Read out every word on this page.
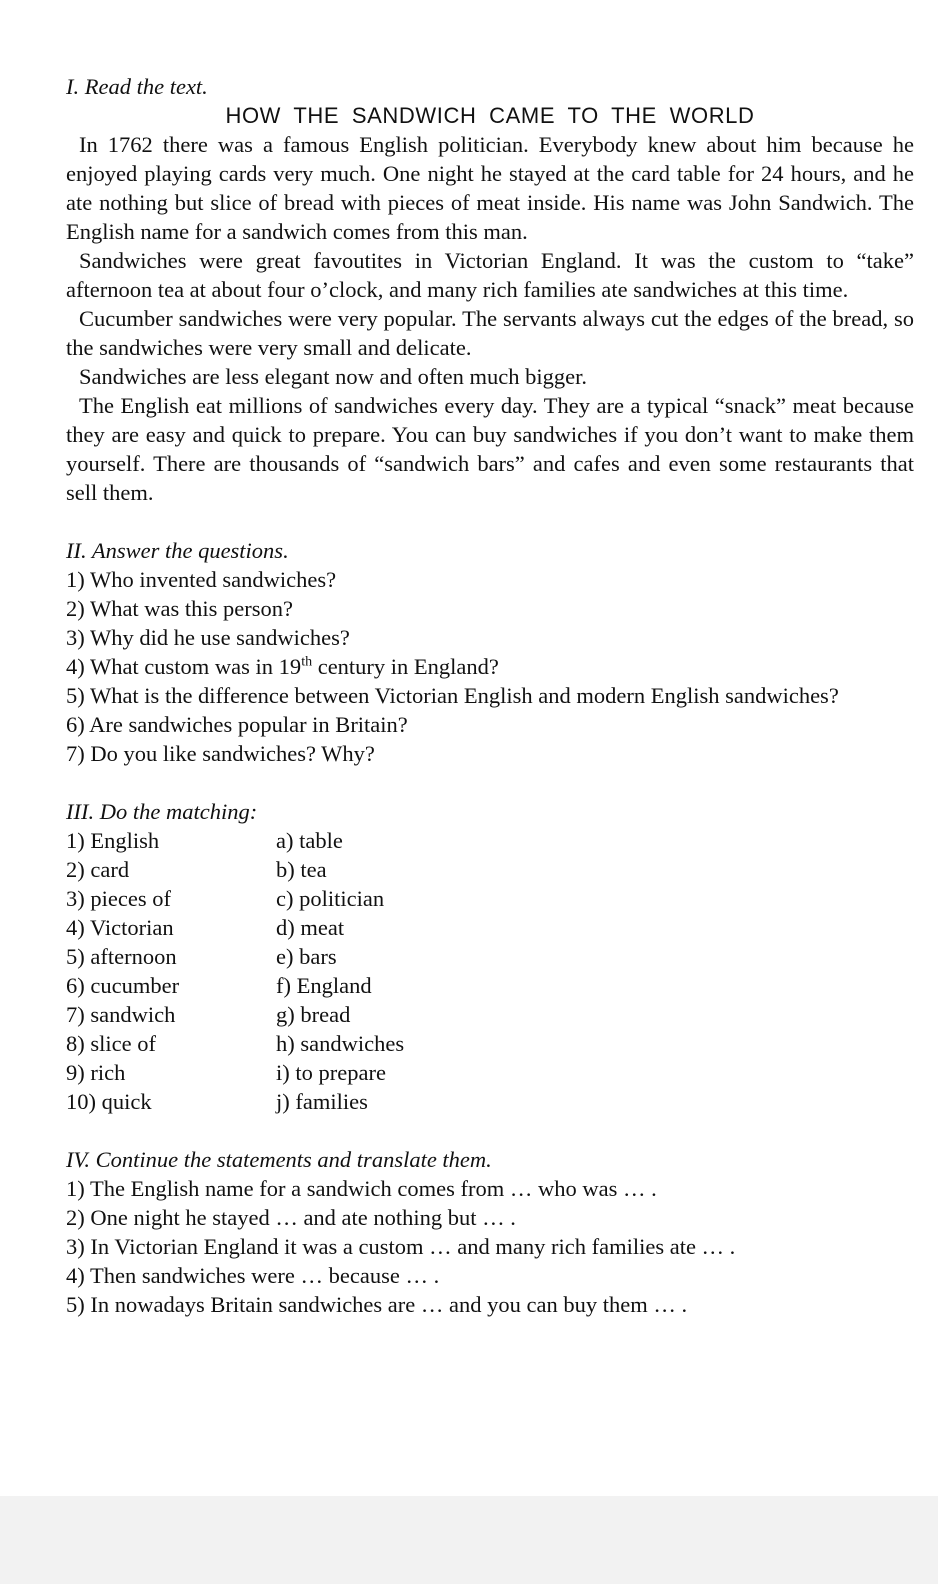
I. Read the text.

HOW THE SANDWICH CAME TO THE WORLD

In 1762 there was a famous English politician. Everybody knew about him because he enjoyed playing cards very much. One night he stayed at the card table for 24 hours, and he ate nothing but slice of bread with pieces of meat inside. His name was John Sandwich. The English name for a sandwich comes from this man.

Sandwiches were great favoutites in Victorian England. It was the custom to “take” afternoon tea at about four o’clock, and many rich families ate sandwiches at this time.

Cucumber sandwiches were very popular. The servants always cut the edges of the bread, so the sandwiches were very small and delicate.

Sandwiches are less elegant now and often much bigger.

The English eat millions of sandwiches every day. They are a typical “snack” meat because they are easy and quick to prepare. You can buy sandwiches if you don’t want to make them yourself. There are thousands of “sandwich bars” and cafes and even some restaurants that sell them.

II. Answer the questions.

1) Who invented sandwiches?
2) What was this person?
3) Why did he use sandwiches?
4) What custom was in 19th century in England?
5) What is the difference between Victorian English and modern English sandwiches?
6) Are sandwiches popular in Britain?
7) Do you like sandwiches? Why?

III. Do the matching:

1) English	a) table
2) card	b) tea
3) pieces of	c) politician
4) Victorian	d) meat
5) afternoon	e) bars
6) cucumber	f) England
7) sandwich	g) bread
8) slice of	h) sandwiches
9) rich	i) to prepare
10) quick	j) families

IV. Continue the statements and translate them.

1) The English name for a sandwich comes from … who was … .
2) One night he stayed … and ate nothing but … .
3) In Victorian England it was a custom … and many rich families ate … .
4) Then sandwiches were … because … .
5) In nowadays Britain sandwiches are … and you can buy them … .
